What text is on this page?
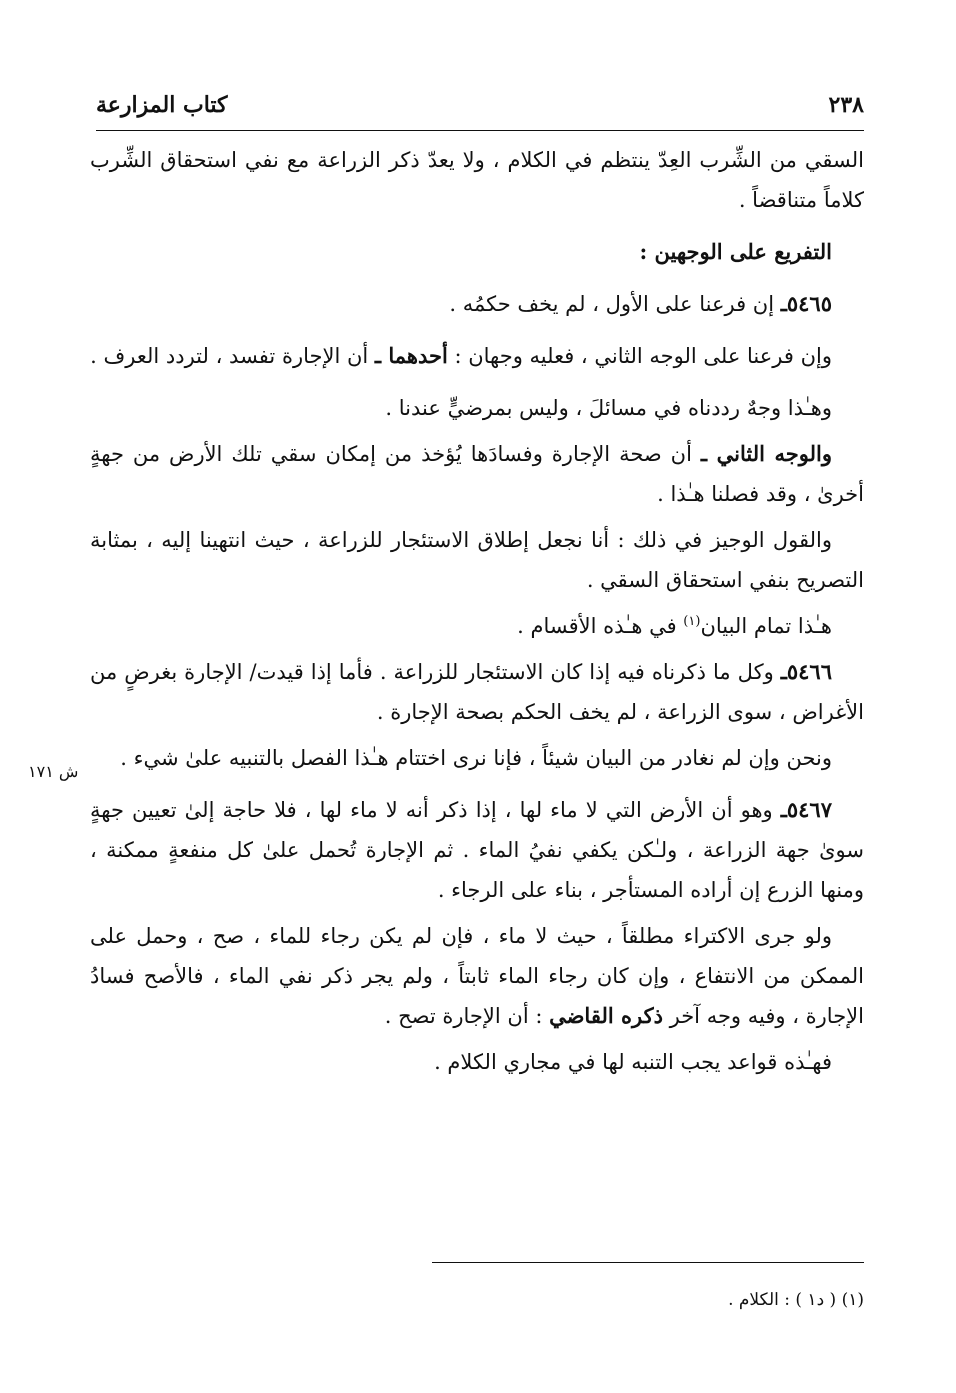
٢٣٨
كتاب المزارعة
ش ١٧١

السقي من الشِّرب العِدّ ينتظم في الكلام ، ولا يعدّ ذكر الزراعة مع نفي استحقاق الشِّرب كلاماً متناقضاً .

التفريع على الوجهين :

٥٤٦٥ـ إن فرعنا على الأول ، لم يخف حكمُه .

وإن فرعنا على الوجه الثاني ، فعليه وجهان : أحدهما ـ أن الإجارة تفسد ، لتردد العرف .

وهـٰذا وجهٌ رددناه في مسائلَ ، وليس بمرضيٍّ عندنا .

والوجه الثاني ـ أن صحة الإجارة وفسادَها يُؤخذ من إمكان سقي تلك الأرض من جهةٍ أخرىٰ ، وقد فصلنا هـٰذا .

والقول الوجيز في ذلك : أنا نجعل إطلاق الاستئجار للزراعة ، حيث انتهينا إليه ، بمثابة التصريح بنفي استحقاق السقي .

هـٰذا تمام البيان$^{(١)}$ في هـٰذه الأقسام .

٥٤٦٦ـ وكل ما ذكرناه فيه إذا كان الاستئجار للزراعة . فأما إذا قيدت/ الإجارة بغرضٍ من الأغراض ، سوى الزراعة ، لم يخف الحكم بصحة الإجارة .

ونحن وإن لم نغادر من البيان شيئاً ، فإنا نرى اختتام هـٰذا الفصل بالتنبيه علىٰ شيء .

٥٤٦٧ـ وهو أن الأرض التي لا ماء لها ، إذا ذكر أنه لا ماء لها ، فلا حاجة إلىٰ تعيين جهةٍ سوىٰ جهة الزراعة ، ولـٰكن يكفي نفيُ الماء . ثم الإجارة تُحمل علىٰ كل منفعةٍ ممكنة ، ومنها الزرع إن أراده المستأجر ، بناء على الرجاء .

ولو جرى الاكتراء مطلقاً ، حيث لا ماء ، فإن لم يكن رجاء للماء ، صح ، وحمل على الممكن من الانتفاع ، وإن كان رجاء الماء ثابتاً ، ولم يجر ذكر نفي الماء ، فالأصح فسادُ الإجارة ، وفيه وجه آخر ذكره القاضي : أن الإجارة تصح .

فهـٰذه قواعد يجب التنبه لها في مجاري الكلام .

(١) ( د١ ) : الكلام .
